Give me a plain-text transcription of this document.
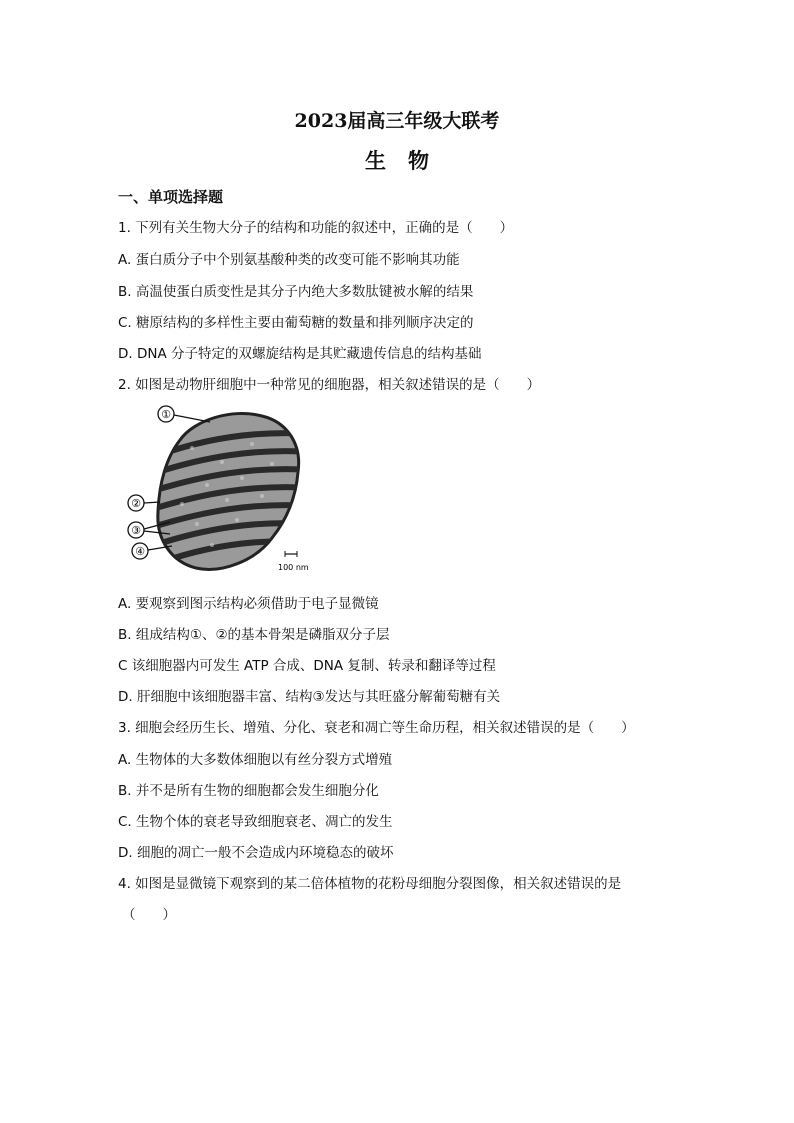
2023届高三年级大联考
生物
一、单项选择题
1. 下列有关生物大分子的结构和功能的叙述中，正确的是（　　）
A. 蛋白质分子中个别氨基酸种类的改变可能不影响其功能
B. 高温使蛋白质变性是其分子内绝大多数肽键被水解的结果
C. 糖原结构的多样性主要由葡萄糖的数量和排列顺序决定的
D. DNA 分子特定的双螺旋结构是其贮藏遗传信息的结构基础
2. 如图是动物肝细胞中一种常见的细胞器，相关叙述错误的是（　　）
①
②
③
④
100 nm
A. 要观察到图示结构必须借助于电子显微镜
B. 组成结构①、②的基本骨架是磷脂双分子层
C 该细胞器内可发生 ATP 合成、DNA 复制、转录和翻译等过程
D. 肝细胞中该细胞器丰富、结构③发达与其旺盛分解葡萄糖有关
3. 细胞会经历生长、增殖、分化、衰老和凋亡等生命历程，相关叙述错误的是（　　）
A. 生物体的大多数体细胞以有丝分裂方式增殖
B. 并不是所有生物的细胞都会发生细胞分化
C. 生物个体的衰老导致细胞衰老、凋亡的发生
D. 细胞的凋亡一般不会造成内环境稳态的破坏
4. 如图是显微镜下观察到的某二倍体植物的花粉母细胞分裂图像，相关叙述错误的是
（　　）
